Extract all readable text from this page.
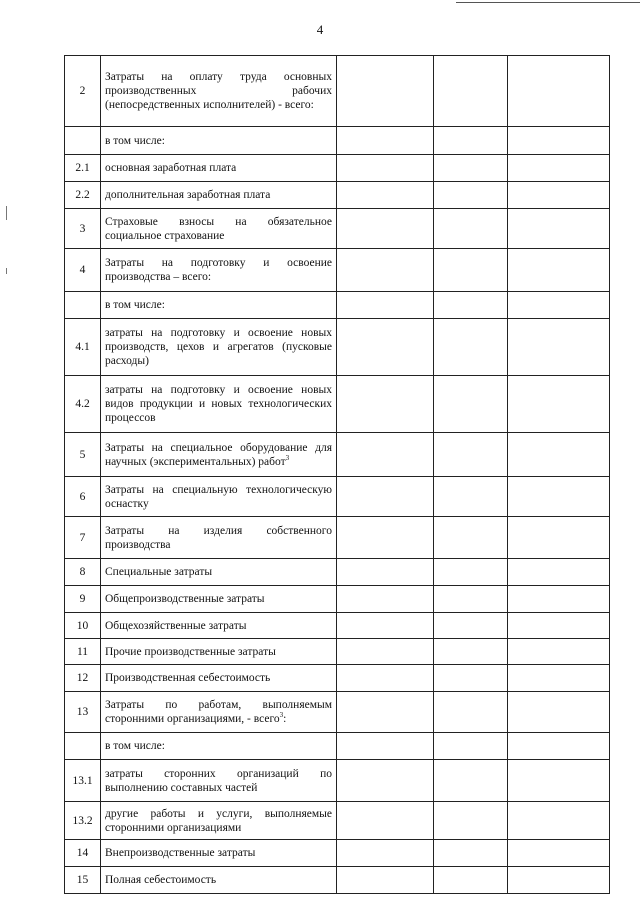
4
2	Затраты на оплату труда основных производственных рабочих (непосредственных исполнителей) - всего:			
	в том числе:			
2.1	основная заработная плата			
2.2	дополнительная заработная плата			
3	Страховые взносы на обязательное социальное страхование			
4	Затраты на подготовку и освоение производства – всего:			
	в том числе:			
4.1	затраты на подготовку и освоение новых производств, цехов и агрегатов (пусковые расходы)			
4.2	затраты на подготовку и освоение новых видов продукции и новых технологических процессов			
5	Затраты на специальное оборудование для научных (экспериментальных) работ$^3$			
6	Затраты на специальную технологическую оснастку			
7	Затраты на изделия собственного производства			
8	Специальные затраты			
9	Общепроизводственные затраты			
10	Общехозяйственные затраты			
11	Прочие производственные затраты			
12	Производственная себестоимость			
13	Затраты по работам, выполняемым сторонними организациями, - всего$^3$:			
	в том числе:			
13.1	затраты сторонних организаций по выполнению составных частей			
13.2	другие работы и услуги, выполняемые сторонними организациями			
14	Внепроизводственные затраты			
15	Полная себестоимость			
